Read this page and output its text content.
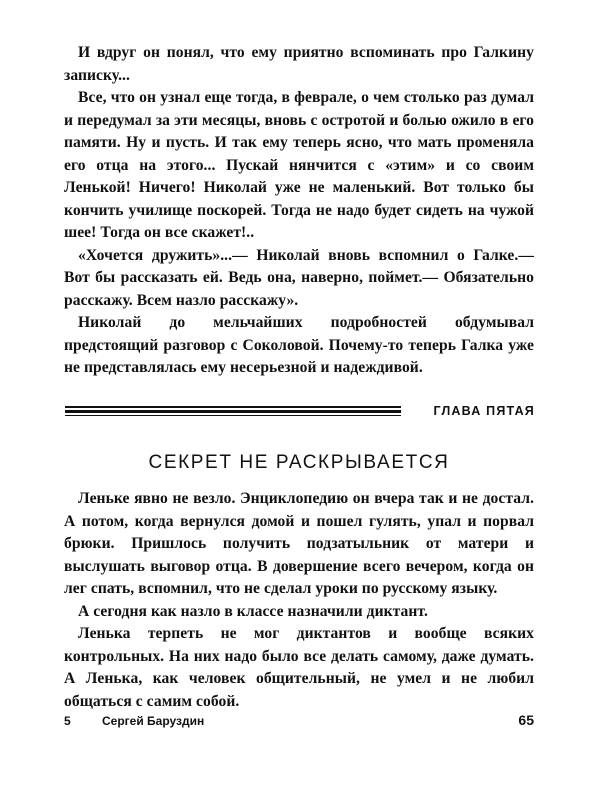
И вдруг он понял, что ему приятно вспоминать про Галкину записку...

Все, что он узнал еще тогда, в феврале, о чем столько раз думал и передумал за эти месяцы, вновь с остротой и болью ожило в его памяти. Ну и пусть. И так ему теперь ясно, что мать променяла его отца на этого... Пускай нянчится с «этим» и со своим Ленькой! Ничего! Николай уже не маленький. Вот только бы кончить училище поскорей. Тогда не надо будет сидеть на чужой шее! Тогда он все скажет!..

«Хочется дружить»...— Николай вновь вспомнил о Галке.— Вот бы рассказать ей. Ведь она, наверно, поймет.— Обязательно расскажу. Всем назло расскажу».

Николай до мельчайших подробностей обдумывал предстоящий разговор с Соколовой. Почему-то теперь Галка уже не представлялась ему несерьезной и надеждивой.

ГЛАВА ПЯТАЯ
СЕКРЕТ НЕ РАСКРЫВАЕТСЯ

Леньке явно не везло. Энциклопедию он вчера так и не достал. А потом, когда вернулся домой и пошел гулять, упал и порвал брюки. Пришлось получить подзатыльник от матери и выслушать выговор отца. В довершение всего вечером, когда он лег спать, вспомнил, что не сделал уроки по русскому языку.

А сегодня как назло в классе назначили диктант.

Ленька терпеть не мог диктантов и вообще всяких контрольных. На них надо было все делать самому, даже думать. А Ленька, как человек общительный, не умел и не любил общаться с самим собой.

5	Сергей Баруздин	65
